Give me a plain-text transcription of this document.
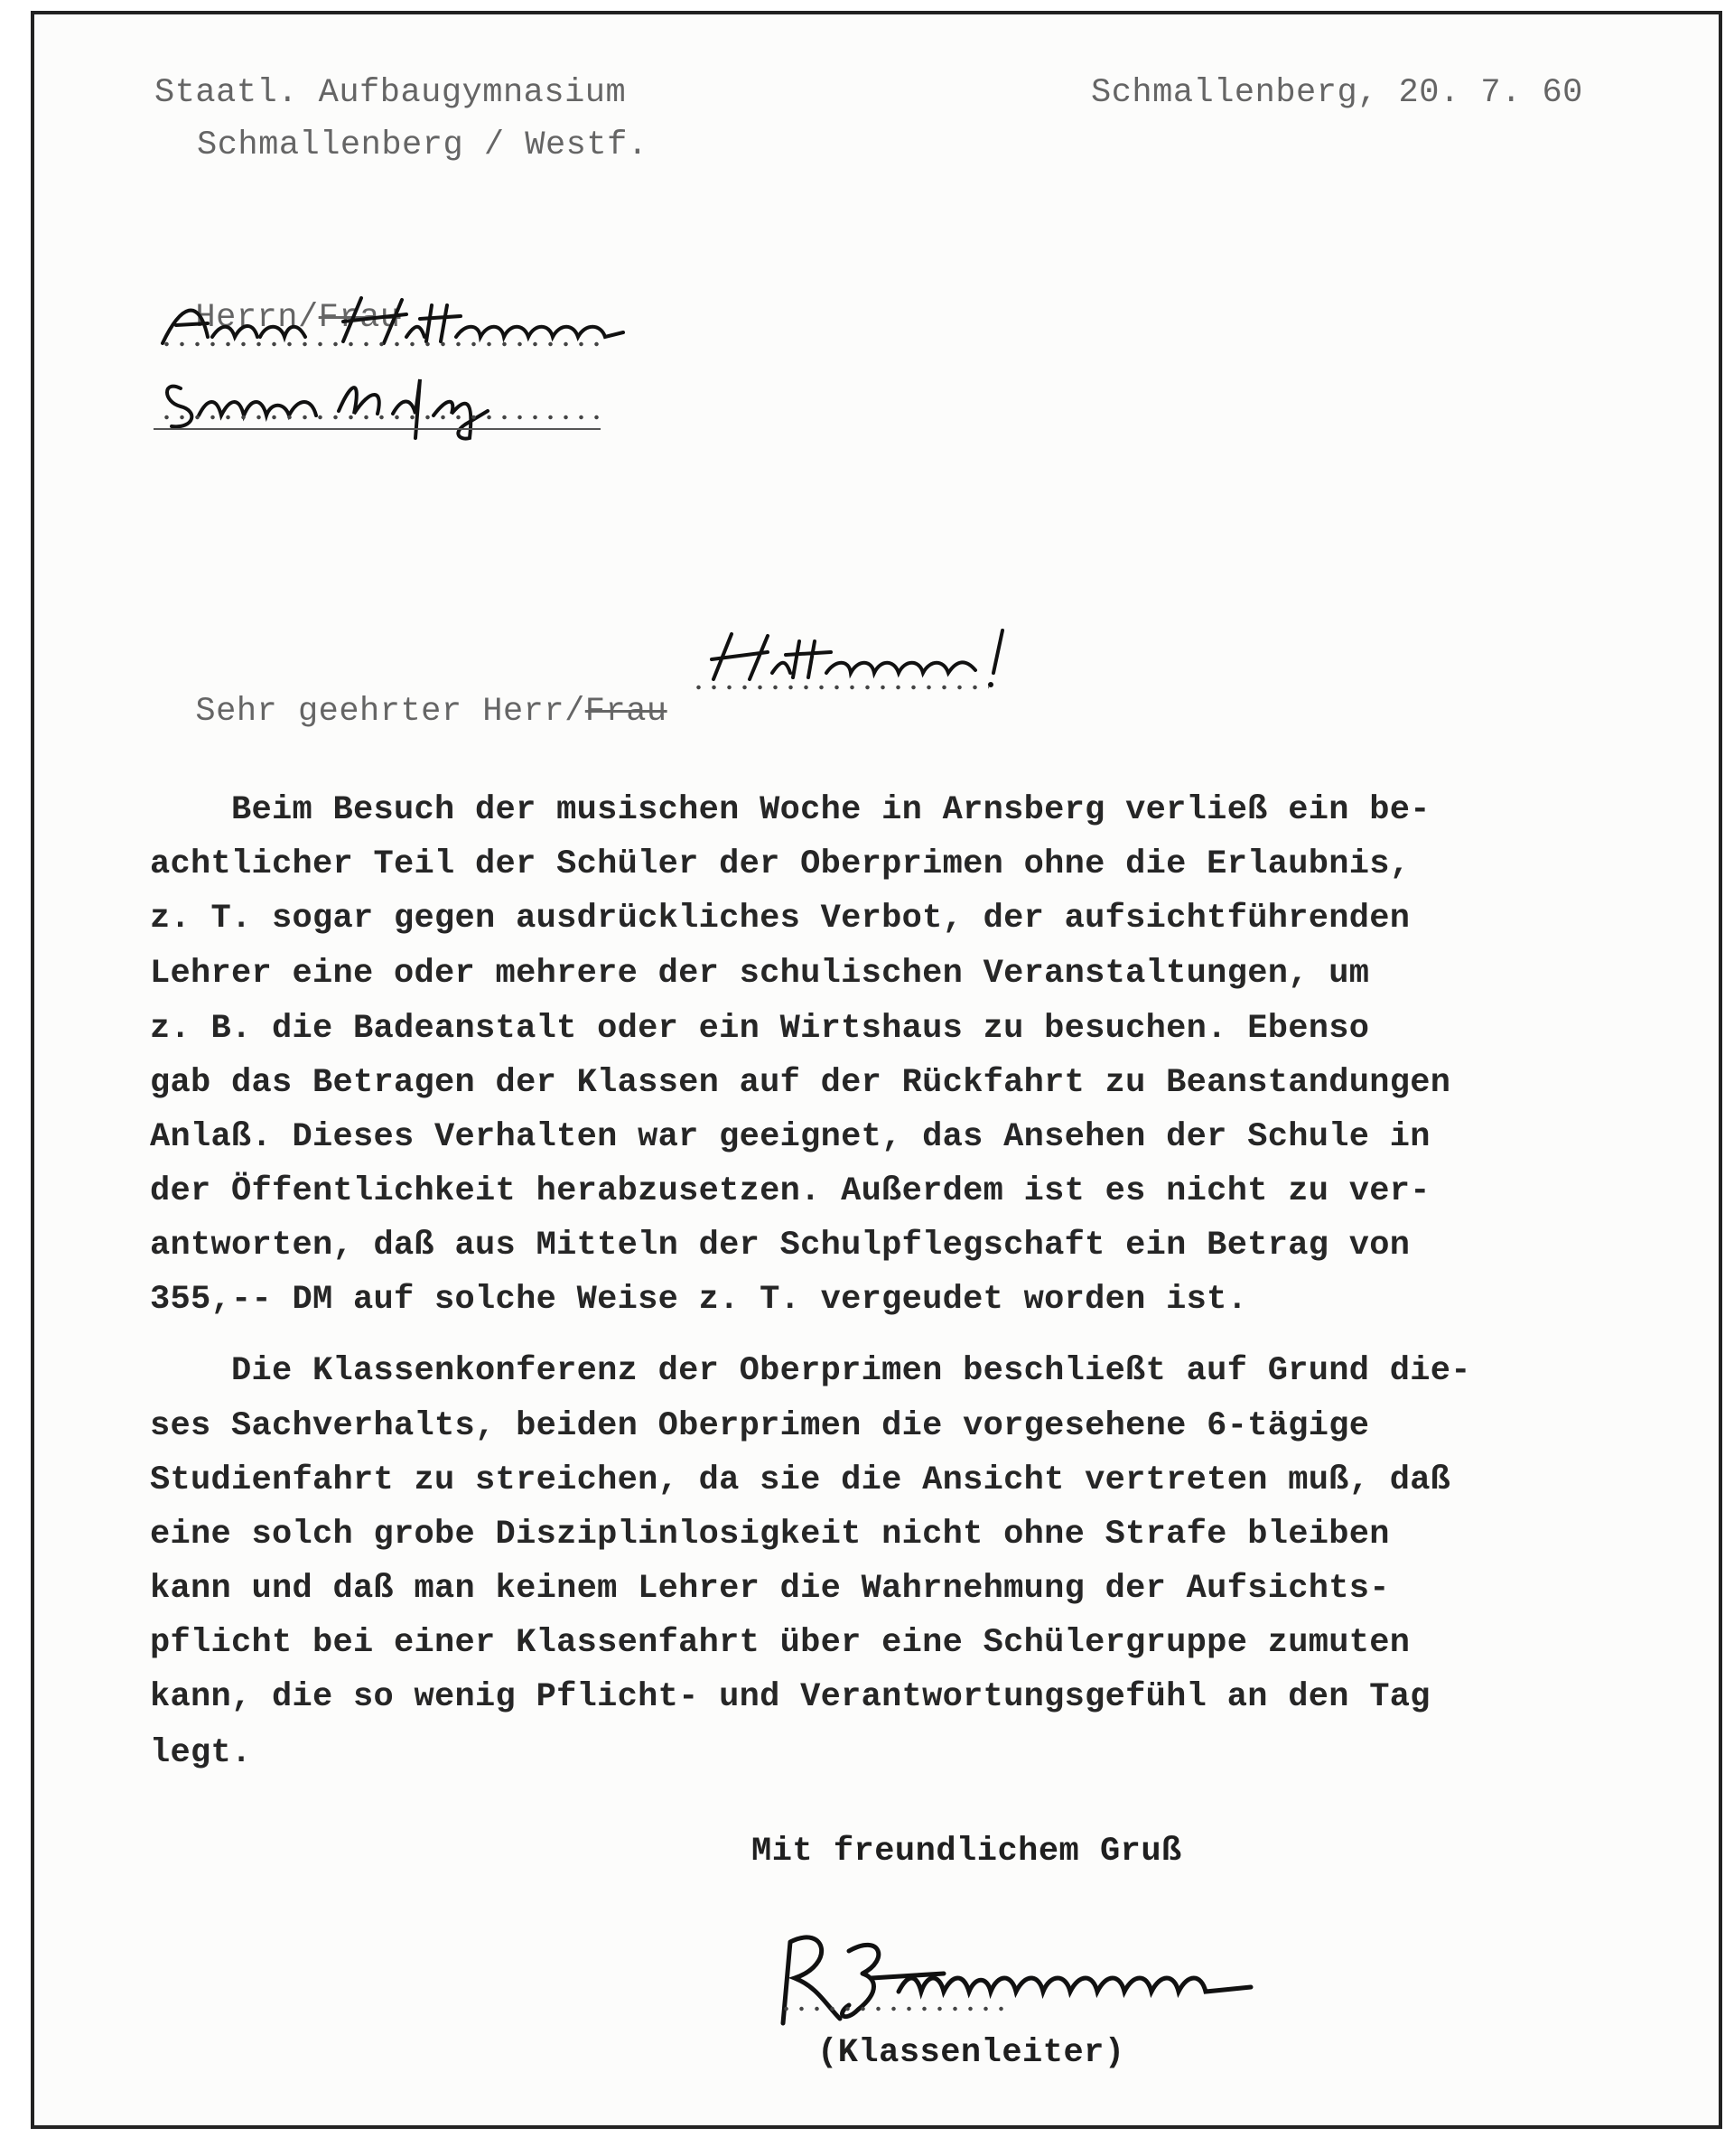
Staatl. Aufbaugymnasium
Schmallenberg / Westf.
Schmallenberg, 20. 7. 60

Herrn/Frau

Sehr geehrter Herr/Frau

Beim Besuch der musischen Woche in Arnsberg verließ ein be-
achtlicher Teil der Schüler der Oberprimen ohne die Erlaubnis,
z. T. sogar gegen ausdrückliches Verbot, der aufsichtführenden
Lehrer eine oder mehrere der schulischen Veranstaltungen, um
z. B. die Badeanstalt oder ein Wirtshaus zu besuchen. Ebenso
gab das Betragen der Klassen auf der Rückfahrt zu Beanstandungen
Anlaß. Dieses Verhalten war geeignet, das Ansehen der Schule in
der Öffentlichkeit herabzusetzen. Außerdem ist es nicht zu ver-
antworten, daß aus Mitteln der Schulpflegschaft ein Betrag von
355,-- DM auf solche Weise z. T. vergeudet worden ist.
Die Klassenkonferenz der Oberprimen beschließt auf Grund die-
ses Sachverhalts, beiden Oberprimen die vorgesehene 6-tägige
Studienfahrt zu streichen, da sie die Ansicht vertreten muß, daß
eine solch grobe Disziplinlosigkeit nicht ohne Strafe bleiben
kann und daß man keinem Lehrer die Wahrnehmung der Aufsichts-
pflicht bei einer Klassenfahrt über eine Schülergruppe zumuten
kann, die so wenig Pflicht- und Verantwortungsgefühl an den Tag
legt.
Mit freundlichem Gruß
(Klassenleiter)
